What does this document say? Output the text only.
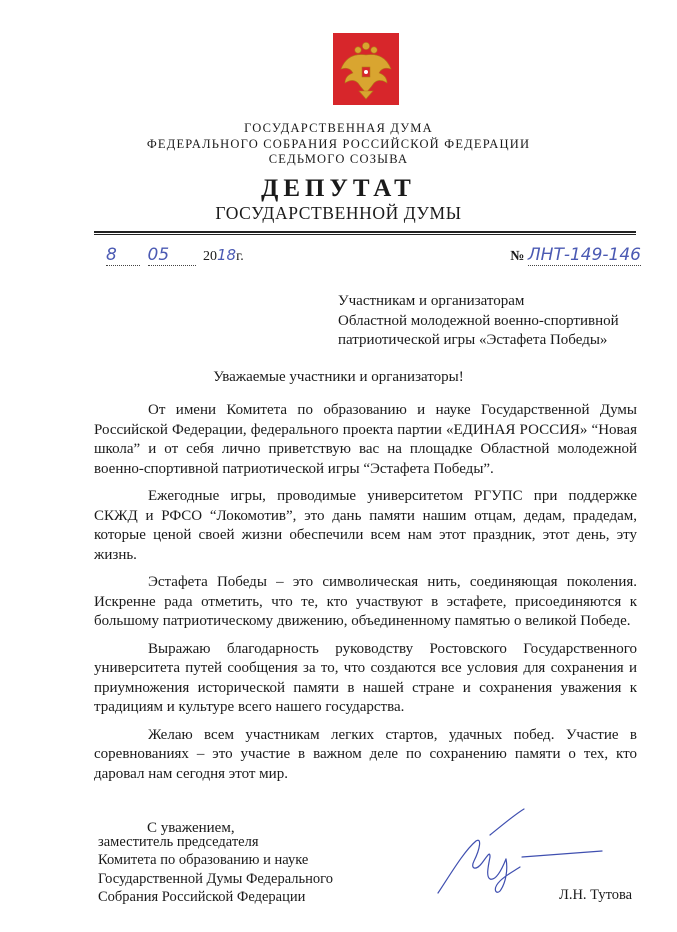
ГОСУДАРСТВЕННАЯ ДУМА
ФЕДЕРАЛЬНОГО СОБРАНИЯ РОССИЙСКОЙ ФЕДЕРАЦИИ
СЕДЬМОГО СОЗЫВА
ДЕПУТАТ
ГОСУДАРСТВЕННОЙ ДУМЫ
8 05 2018г.	№ ЛНТ-149-146
Участникам и организаторам
Областной молодежной военно-спортивной
патриотической игры «Эстафета Победы»
Уважаемые участники и организаторы!

От имени Комитета по образованию и науке Государственной Думы Российской Федерации, федерального проекта партии «ЕДИНАЯ РОССИЯ» “Новая школа” и от себя лично приветствую вас на площадке Областной молодежной военно-спортивной патриотической игры “Эстафета Победы”.

Ежегодные игры, проводимые университетом РГУПС при поддержке СКЖД и РФСО “Локомотив”, это дань памяти нашим отцам, дедам, прадедам, которые ценой своей жизни обеспечили всем нам этот праздник, этот день, эту жизнь.

Эстафета Победы – это символическая нить, соединяющая поколения. Искренне рада отметить, что те, кто участвуют в эстафете, присоединяются к большому патриотическому движению, объединенному памятью о великой Победе.

Выражаю благодарность руководству Ростовского Государственного университета путей сообщения за то, что создаются все условия для сохранения и приумножения исторической памяти в нашей стране и сохранения уважения к традициям и культуре всего нашего государства.

Желаю всем участникам легких стартов, удачных побед. Участие в соревнованиях – это участие в важном деле по сохранению памяти о тех, кто даровал нам сегодня этот мир.

С уважением,
заместитель председателя
Комитета по образованию и науке
Государственной Думы Федерального
Собрания Российской Федерации	Л.Н. Тутова
